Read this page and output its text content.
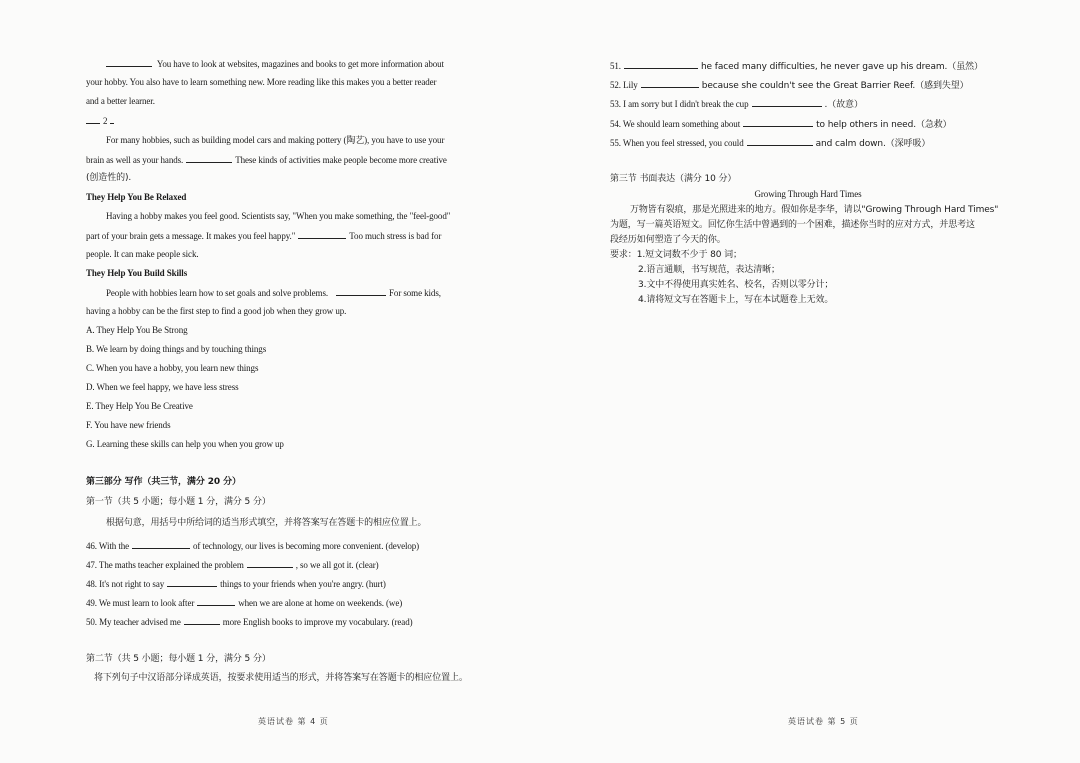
You have to look at websites, magazines and books to get more information about
your hobby. You also have to learn something new. More reading like this makes you a better reader
and a better learner.
2
For many hobbies, such as building model cars and making pottery (陶艺), you have to use your
brain as well as your hands.	These kinds of activities make people become more creative
(创造性的).
They Help You Be Relaxed
Having a hobby makes you feel good. Scientists say, "When you make something, the "feel-good"
part of your brain gets a message. It makes you feel happy."	Too much stress is bad for
people. It can make people sick.
They Help You Build Skills
People with hobbies learn how to set goals and solve problems.	For some kids,
having a hobby can be the first step to find a good job when they grow up.
A. They Help You Be Strong
B. We learn by doing things and by touching things
C. When you have a hobby, you learn new things
D. When we feel happy, we have less stress
E. They Help You Be Creative
F. You have new friends
G. Learning these skills can help you when you grow up
第三部分 写作（共三节，满分 20 分）
第一节（共 5 小题；每小题 1 分，满分 5 分）
根据句意，用括号中所给词的适当形式填空，并将答案写在答题卡的相应位置上。
46. With the	of technology, our lives is becoming more convenient. (develop)
47. The maths teacher explained the problem	, so we all got it. (clear)
48. It's not right to say	things to your friends when you're angry. (hurt)
49. We must learn to look after	when we are alone at home on weekends. (we)
50. My teacher advised me	more English books to improve my vocabulary. (read)
第二节（共 5 小题；每小题 1 分，满分 5 分）
将下列句子中汉语部分译成英语，按要求使用适当的形式，并将答案写在答题卡的相应位置上。
英语试卷 第 4 页
51.	he faced many difficulties, he never gave up his dream.（虽然）
52. Lily	because she couldn't see the Great Barrier Reef.（感到失望）
53. I am sorry but I didn't break the cup	.（故意）
54. We should learn something about	to help others in need.（急救）
55. When you feel stressed, you could	and calm down.（深呼吸）
第三节 书面表达（满分 10 分）
Growing Through Hard Times
万物皆有裂痕，那是光照进来的地方。假如你是李华，请以"Growing Through Hard Times"
为题，写一篇英语短文。回忆你生活中曾遇到的一个困难，描述你当时的应对方式，并思考这
段经历如何塑造了今天的你。
要求：1.短文词数不少于 80 词；
2.语言通顺，书写规范，表达清晰；
3.文中不得使用真实姓名、校名，否则以零分计；
4.请将短文写在答题卡上，写在本试题卷上无效。
英语试卷 第 5 页
